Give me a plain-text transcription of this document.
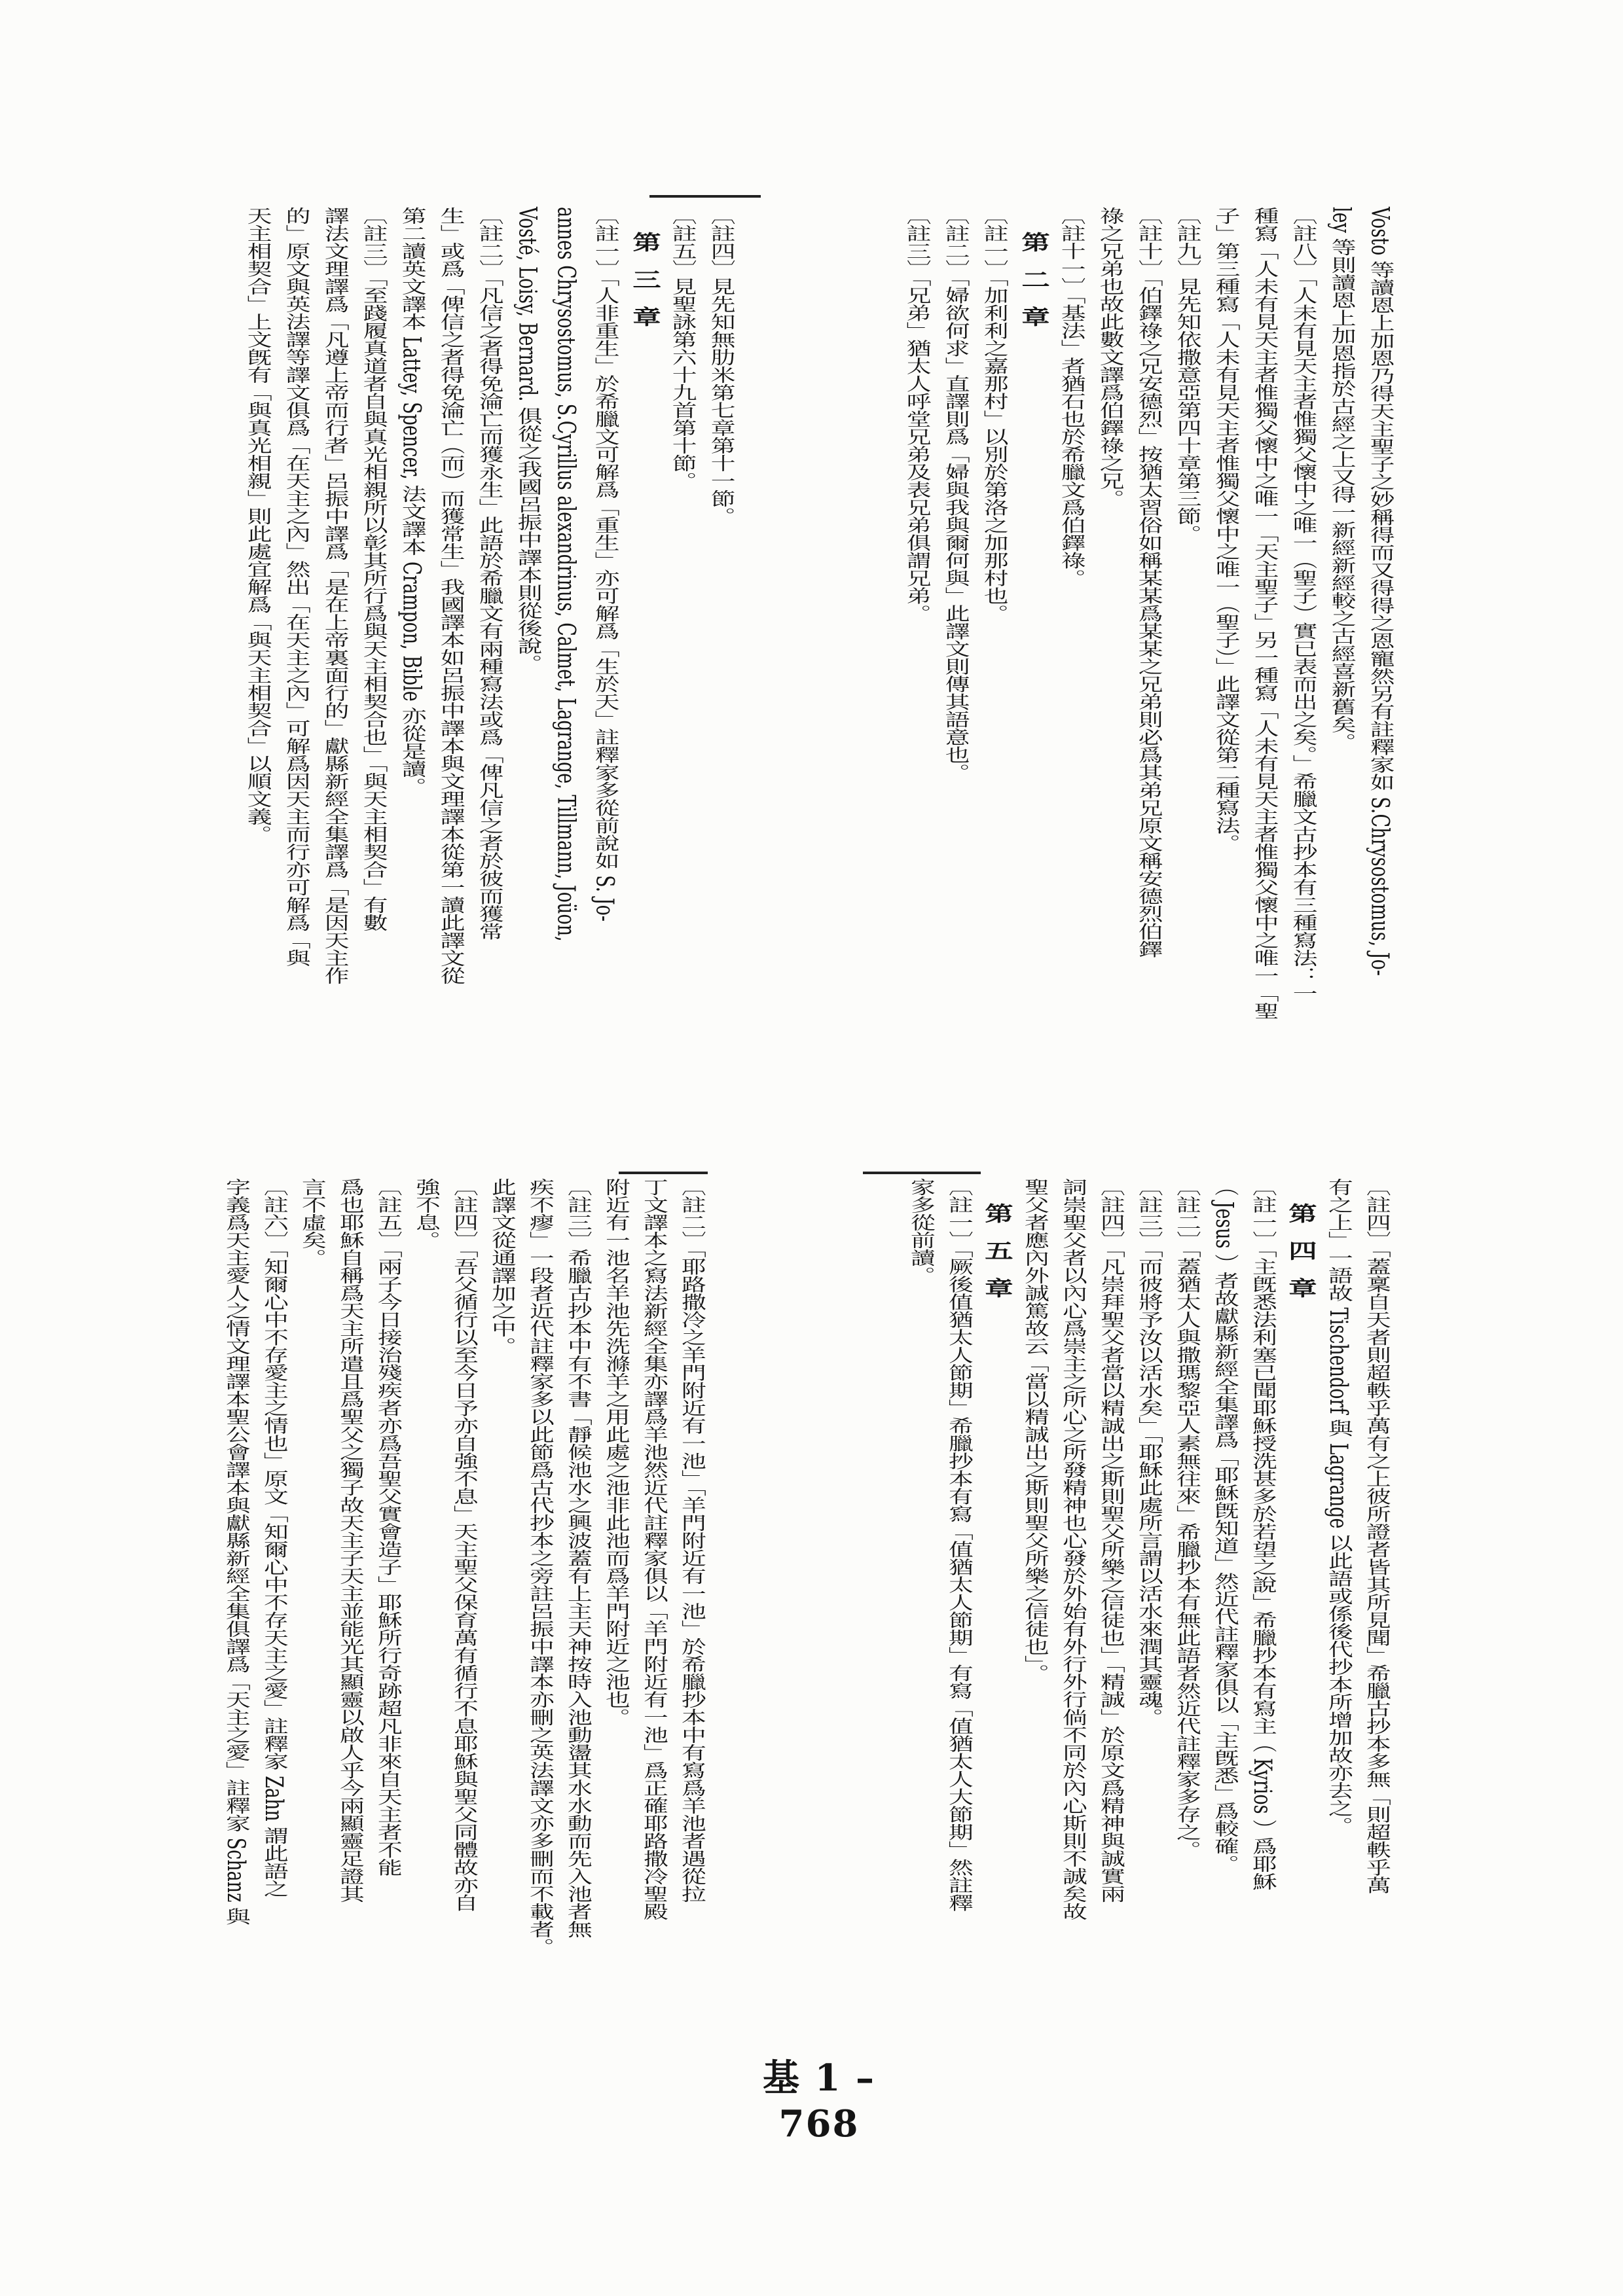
Vosto 等讀恩上加恩乃得天主聖子之妙稱得而又得得之恩寵然另有註釋家如 S.Chrysostomus, Jo-
ley 等則讀恩上加恩指於古經之上又得一新經新經較之古經喜新舊矣。
〔註八〕「人未有見天主者惟獨父懷中之唯一（聖子）實已表而出之矣。」希臘文古抄本有三種寫法：一
種寫「人未有見天主者惟獨父懷中之唯一「天主聖子」另一種寫「人未有見天主者惟獨父懷中之唯一「聖
子」第三種寫「人未有見天主者惟獨父懷中之唯一（聖子）」此譯文從第二種寫法。
〔註九〕見先知依撒意亞第四十章第三節。
〔註十〕「伯鐸祿之兄安德烈」按猶太習俗如稱某某爲某某之兄弟則必爲其弟兄原文稱安德烈伯鐸
祿之兄弟也故此數文譯爲伯鐸祿之兄。
〔註十一〕「基法」者猶石也於希臘文爲伯鐸祿。
第二章
〔註一〕「加利利之嘉那村」以別於第洛之加那村也。
〔註二〕「婦欲何求」直譯則爲「婦與我與爾何與」此譯文則傳其語意也。
〔註三〕「兄弟」猶太人呼堂兄弟及表兄弟俱謂兄弟。
〔註四〕見先知無肋米第七章第十一節。
〔註五〕見聖詠第六十九首第十節。
第三章
〔註一〕「人非重生」於希臘文可解爲「重生」亦可解爲「生於天」註釋家多從前說如 S. Jo-
annes Chrysostomus, S.Cyrillus alexandrinus, Calmet, Lagrange, Tillmann, Joüon,
Vosté, Loisy, Bernard. 俱從之我國呂振中譯本則從後說。
〔註二〕「凡信之者得免淪亡而獲永生」此語於希臘文有兩種寫法或爲「俾凡信之者於彼而獲常
生」或爲「俾信之者得免淪亡（而）而獲常生」我國譯本如呂振中譯本與文理譯本從第一讀此譯文從
第二讀英文譯本 Lattey, Spencer, 法文譯本 Crampon, Bible 亦從是讀。
〔註三〕「至踐履真道者自與真光相親所以彰其所行爲與天主相契合也」「與天主相契合」有數
譯法文理譯爲「凡遵上帝而行者」呂振中譯爲「是在上帝裏面行的」獻縣新經全集譯爲「是因天主作
的」原文與英法譯等譯文俱爲「在天主之內」然出「在天主之內」可解爲因天主而行亦可解爲「與
天主相契合」上文旣有「與真光相親」則此處宜解爲「與天主相契合」以順文義。
〔註四〕「蓋稟自天者則超軼乎萬有之上彼所證者皆其所見聞」希臘古抄本多無「則超軼乎萬
有之上」一語故 Tischendorf 與 Lagrange 以此語或係後代抄本所增加故亦去之。
第四章
〔註一〕「主旣悉法利塞已聞耶穌授洗甚多於若望之說」希臘抄本有寫主（ Kyrios ）爲耶穌
（ Jesus ）者故獻縣新經全集譯爲「耶穌旣知道」然近代註釋家俱以「主旣悉」爲較確。
〔註二〕「蓋猶太人與撒瑪黎亞人素無往來」希臘抄本有無此語者然近代註釋家多存之。
〔註三〕「而彼將予汝以活水矣」「耶穌此處所言謂以活水來潤其靈魂。
〔註四〕「凡崇拜聖父者當以精誠出之斯則聖父所樂之信徒也」「精誠」於原文爲精神與誠實兩
詞崇聖父者以內心爲崇主之所心之所發精神也心發於外始有外行外行倘不同於內心斯則不誠矣故
聖父者應內外誠篤故云「當以精誠出之斯則聖父所樂之信徒也」。
第五章
〔註一〕「厥後值猶太人節期」希臘抄本有寫「值猶太人節期」有寫「值猶太人大節期」然註釋
家多從前讀。
〔註二〕「耶路撒冷之羊門附近有一池」「羊門附近有一池」於希臘抄本中有寫爲羊池者遇從拉
丁文譯本之寫法新經全集亦譯爲羊池然近代註釋家俱以「羊門附近有一池」爲正確耶路撒冷聖殿
附近有一池名羊池先洗滌羊之用此處之池非此池而爲羊門附近之池也。
〔註三〕希臘古抄本中有不書「靜候池水之興波蓋有上主天神按時入池動盪其水水動而先入池者無
疾不瘳」一段者近代註釋家多以此節爲古代抄本之旁註呂振中譯本亦刪之英法譯文亦多刪而不載者。
此譯文從通譯加之中。
〔註四〕「吾父循行以至今日予亦自強不息」天主聖父保育萬有循行不息耶穌與聖父同體故亦自
強不息。
〔註五〕「兩子今日接治殘疾者亦爲吾聖父實會造子」耶穌所行奇跡超凡非來自天主者不能
爲也耶穌自稱爲天主所遣且爲聖父之獨子故天主子天主並能光其顯靈以啟人乎今兩顯靈足證其
言不虛矣。
〔註六〕「知爾心中不存愛主之情也」原文「知爾心中不存天主之愛」註釋家 Zahn 謂此語之
字義爲天主愛人之情文理譯本聖公會譯本與獻縣新經全集俱譯爲「天主之愛」註釋家 Schanz 與
基 1 – 768
